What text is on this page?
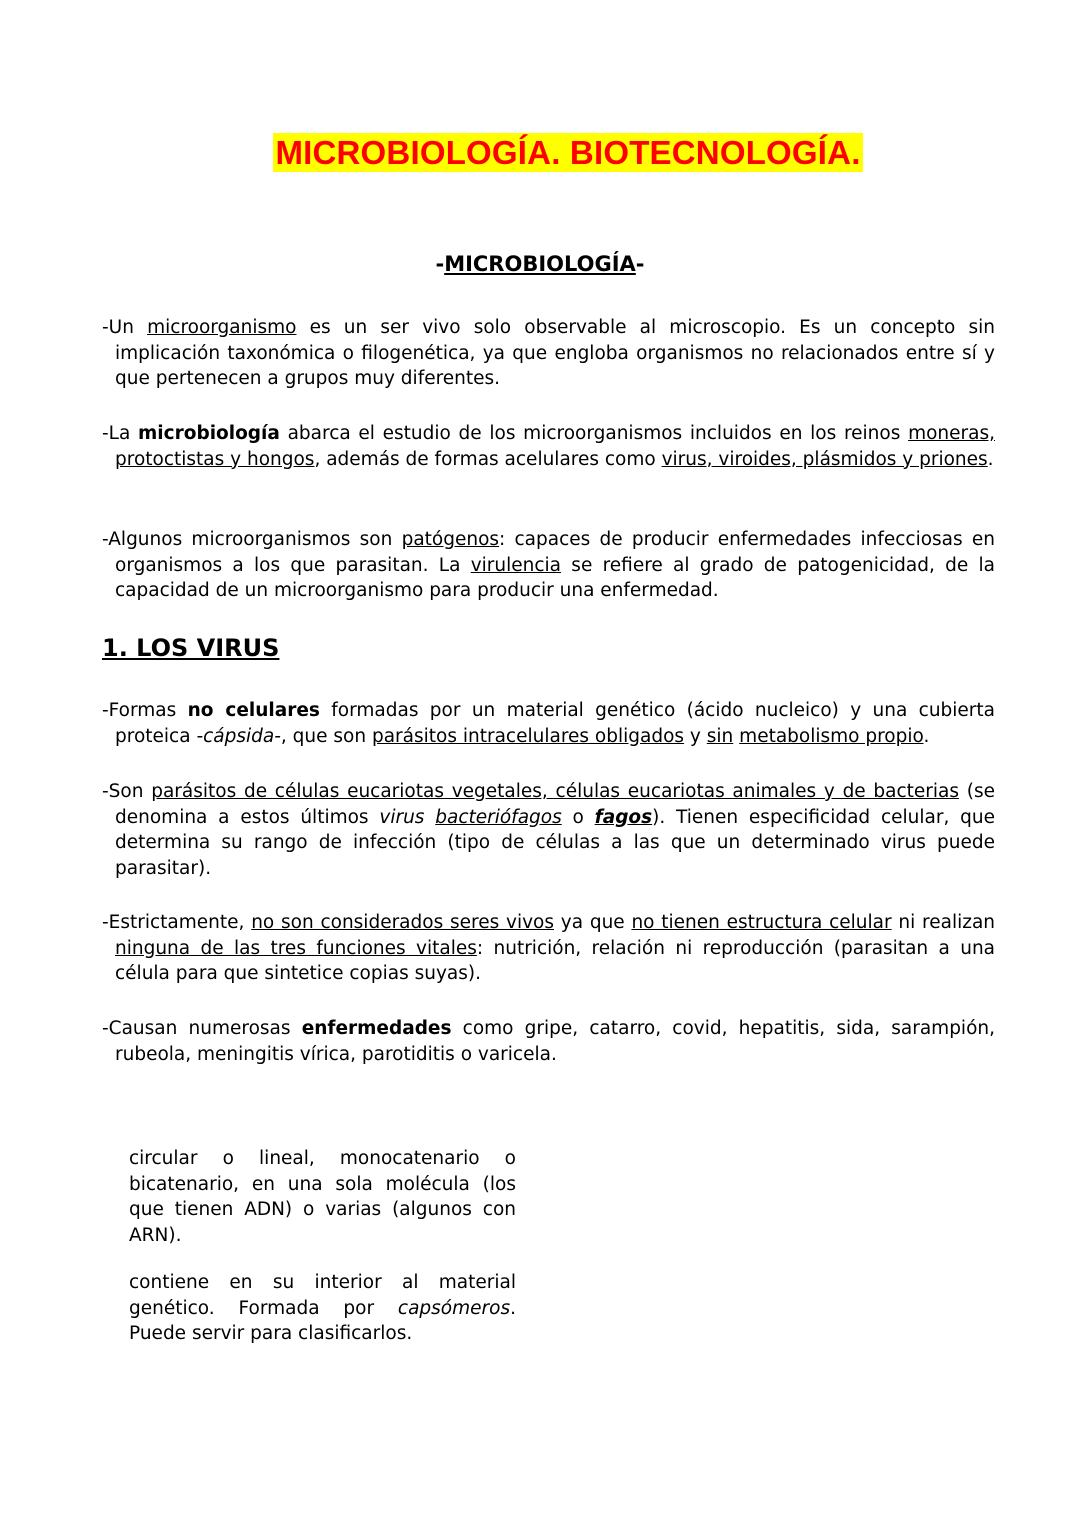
MICROBIOLOGÍA. BIOTECNOLOGÍA.
-MICROBIOLOGÍA-
-Un microorganismo es un ser vivo solo observable al microscopio. Es un concepto sin implicación taxonómica o filogenética, ya que engloba organismos no relacionados entre sí y que pertenecen a grupos muy diferentes.
-La microbiología abarca el estudio de los microorganismos incluidos en los reinos moneras, protoctistas y hongos, además de formas acelulares como virus, viroides, plásmidos y priones.
-Algunos microorganismos son patógenos: capaces de producir enfermedades infecciosas en organismos a los que parasitan. La virulencia se refiere al grado de patogenicidad, de la capacidad de un microorganismo para producir una enfermedad.
1. LOS VIRUS
-Formas no celulares formadas por un material genético (ácido nucleico) y una cubierta proteica -cápsida-, que son parásitos intracelulares obligados y sin metabolismo propio.
-Son parásitos de células eucariotas vegetales, células eucariotas animales y de bacterias (se denomina a estos últimos virus bacteriófagos o fagos). Tienen especificidad celular, que determina su rango de infección (tipo de células a las que un determinado virus puede parasitar).
-Estrictamente, no son considerados seres vivos ya que no tienen estructura celular ni realizan ninguna de las tres funciones vitales: nutrición, relación ni reproducción (parasitan a una célula para que sintetice copias suyas).
-Causan numerosas enfermedades como gripe, catarro, covid, hepatitis, sida, sarampión, rubeola, meningitis vírica, parotiditis o varicela.
circular o lineal, monocatenario o bicatenario, en una sola molécula (los que tienen ADN) o varias (algunos con ARN).
contiene en su interior al material genético. Formada por capsómeros. Puede servir para clasificarlos.
